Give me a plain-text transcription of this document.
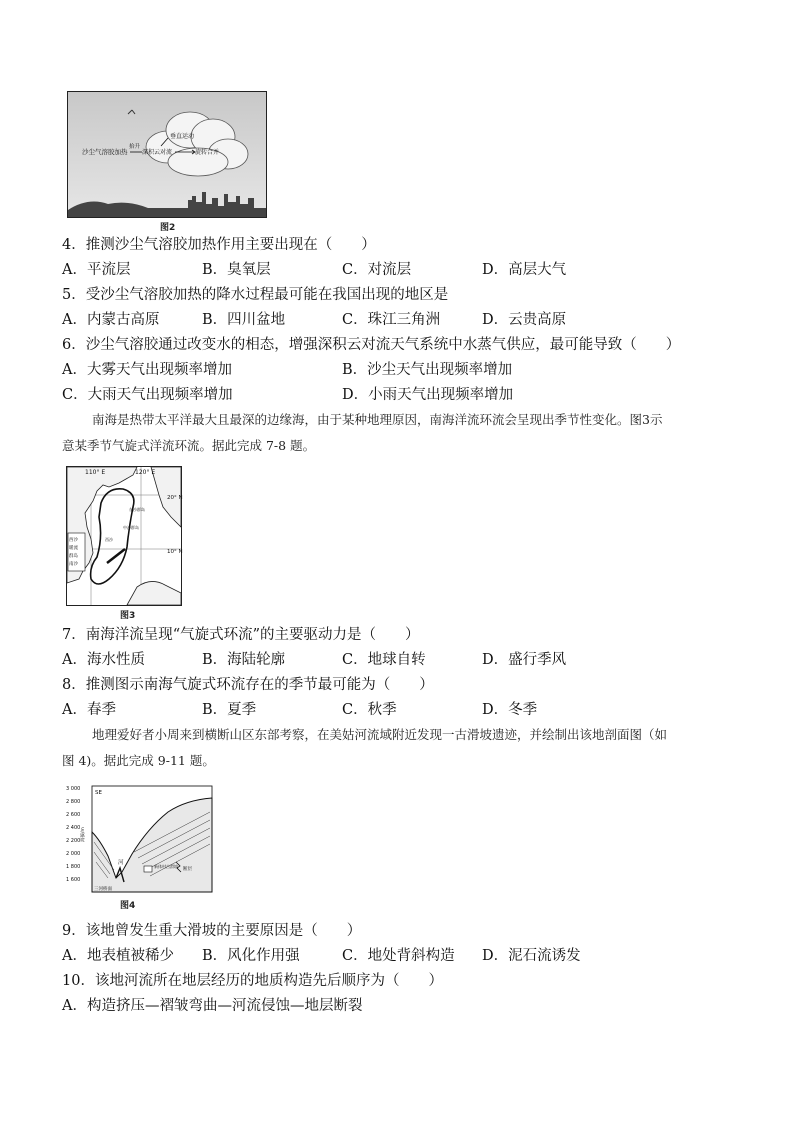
沙尘气溶胶加热
抬升
垂直运动
深积云对流	旋转合并
图2
4．推测沙尘气溶胶加热作用主要出现在（　　）
A．平流层	B．臭氧层	C．对流层	D．高层大气
5．受沙尘气溶胶加热的降水过程最可能在我国出现的地区是
A．内蒙古高原	B．四川盆地	C．珠江三角洲	D．云贵高原
6．沙尘气溶胶通过改变水的相态，增强深积云对流天气系统中水蒸气供应，最可能导致（　　）
A．大雾天气出现频率增加	B．沙尘天气出现频率增加
C．大雨天气出现频率增加	D．小雨天气出现频率增加
南海是热带太平洋最大且最深的边缘海，由于某种地理原因，南海洋流环流会呈现出季节性变化。图3示
意某季节气旋式洋流环流。据此完成 7-8 题。
西沙
暖流
群岛
南沙
110° E	120° E
20° N
10° N
东沙群岛
中沙群岛
西沙
图3
7．南海洋流呈现“气旋式环流”的主要驱动力是（　　）
A．海水性质	B．海陆轮廓	C．地球自转	D．盛行季风
8．推测图示南海气旋式环流存在的季节最可能为（　　）
A．春季	B．夏季	C．秋季	D．冬季
地理爱好者小周来到横断山区东部考察，在美姑河流域附近发现一古滑坡遗迹，并绘制出该地剖面图（如
图 4)。据此完成 9-11 题。
SE
3 000
2 800
2 600
2 400
2 200
2 000
1 800
1 600
海拔/m
河
新体村古滑坡
断层
三河桥面
图4
9．该地曾发生重大滑坡的主要原因是（　　）
A．地表植被稀少 B．风化作用强	C．地处背斜构造 D．泥石流诱发
10．该地河流所在地层经历的地质构造先后顺序为（　　）
A．构造挤压—褶皱弯曲—河流侵蚀—地层断裂
